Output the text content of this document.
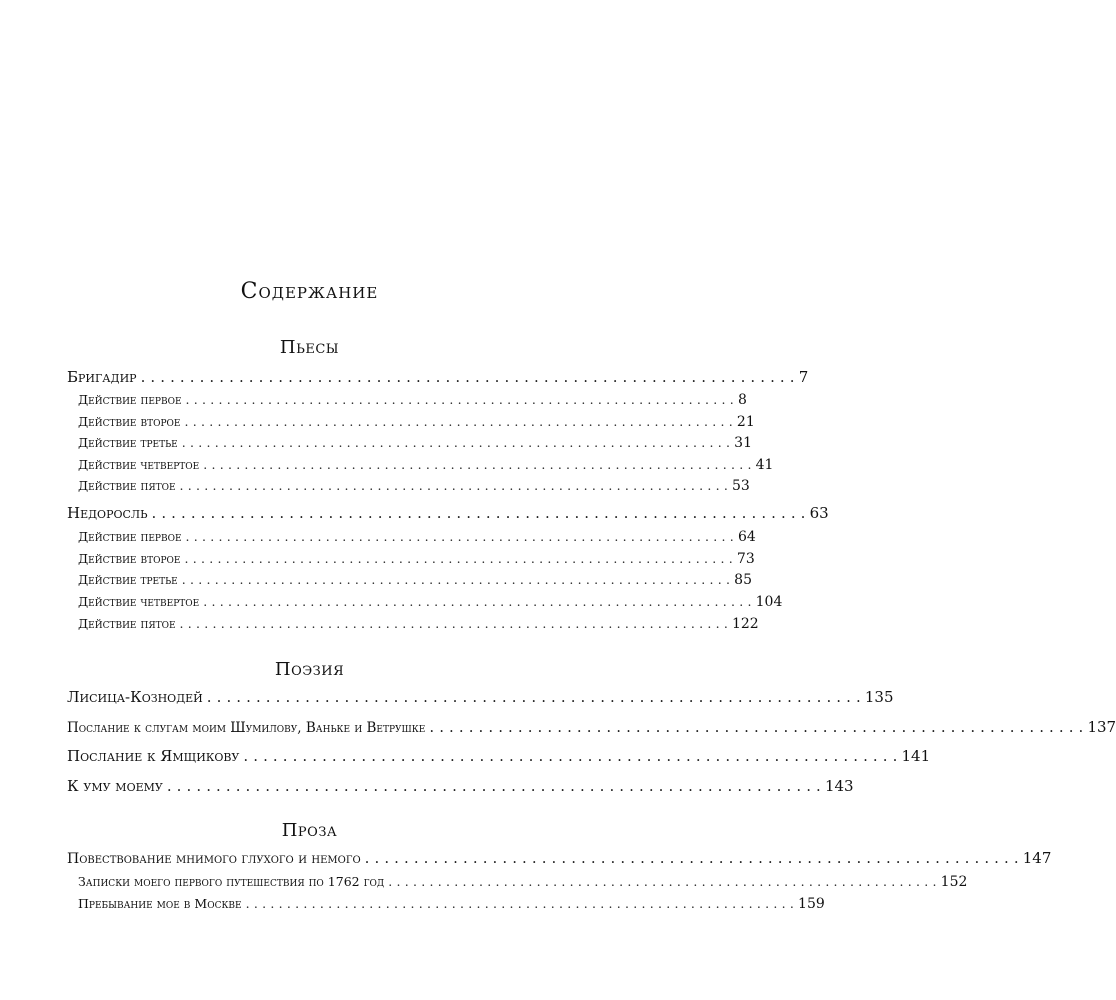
Содержание
Пьесы
Бригадир . . . . . . . . . . . . . . . . . . . . . . . . . . . . . . . . . . . . . . . . . . . . . . . . . . . . . . . . . . . . . . . . . . . 7
Действие первое . . . . . . . . . . . . . . . . . . . . . . . . . . . . . . . . . . . . . . . . . . . . . . . . . . . . . . . . . . . . . . . . . . . 8
Действие второе . . . . . . . . . . . . . . . . . . . . . . . . . . . . . . . . . . . . . . . . . . . . . . . . . . . . . . . . . . . . . . . . . . . 21
Действие третье . . . . . . . . . . . . . . . . . . . . . . . . . . . . . . . . . . . . . . . . . . . . . . . . . . . . . . . . . . . . . . . . . . . 31
Действие четвертое . . . . . . . . . . . . . . . . . . . . . . . . . . . . . . . . . . . . . . . . . . . . . . . . . . . . . . . . . . . . . . . . . . . 41
Действие пятое . . . . . . . . . . . . . . . . . . . . . . . . . . . . . . . . . . . . . . . . . . . . . . . . . . . . . . . . . . . . . . . . . . . 53
Недоросль . . . . . . . . . . . . . . . . . . . . . . . . . . . . . . . . . . . . . . . . . . . . . . . . . . . . . . . . . . . . . . . . . . . 63
Действие первое . . . . . . . . . . . . . . . . . . . . . . . . . . . . . . . . . . . . . . . . . . . . . . . . . . . . . . . . . . . . . . . . . . . 64
Действие второе . . . . . . . . . . . . . . . . . . . . . . . . . . . . . . . . . . . . . . . . . . . . . . . . . . . . . . . . . . . . . . . . . . . 73
Действие третье . . . . . . . . . . . . . . . . . . . . . . . . . . . . . . . . . . . . . . . . . . . . . . . . . . . . . . . . . . . . . . . . . . . 85
Действие четвертое . . . . . . . . . . . . . . . . . . . . . . . . . . . . . . . . . . . . . . . . . . . . . . . . . . . . . . . . . . . . . . . . . . . 104
Действие пятое . . . . . . . . . . . . . . . . . . . . . . . . . . . . . . . . . . . . . . . . . . . . . . . . . . . . . . . . . . . . . . . . . . . 122
Поэзия
Лисица-Кознодей . . . . . . . . . . . . . . . . . . . . . . . . . . . . . . . . . . . . . . . . . . . . . . . . . . . . . . . . . . . . . . . . . . . 135
Послание к слугам моим Шумилову, Ваньке и Ветрушке . . . . . . . . . . . . . . . . . . . . . . . . . . . . . . . . . . . . . . . . . . . . . . . . . . . . . . . . . . . . . . . . . . . 137
Послание к Ямщикову . . . . . . . . . . . . . . . . . . . . . . . . . . . . . . . . . . . . . . . . . . . . . . . . . . . . . . . . . . . . . . . . . . . 141
К уму моему . . . . . . . . . . . . . . . . . . . . . . . . . . . . . . . . . . . . . . . . . . . . . . . . . . . . . . . . . . . . . . . . . . . 143
Проза
Повествование мнимого глухого и немого . . . . . . . . . . . . . . . . . . . . . . . . . . . . . . . . . . . . . . . . . . . . . . . . . . . . . . . . . . . . . . . . . . . 147
Записки моего первого путешествия по 1762 год . . . . . . . . . . . . . . . . . . . . . . . . . . . . . . . . . . . . . . . . . . . . . . . . . . . . . . . . . . . . . . . . . . . 152
Пребывание мое в Москве . . . . . . . . . . . . . . . . . . . . . . . . . . . . . . . . . . . . . . . . . . . . . . . . . . . . . . . . . . . . . . . . . . . 159
